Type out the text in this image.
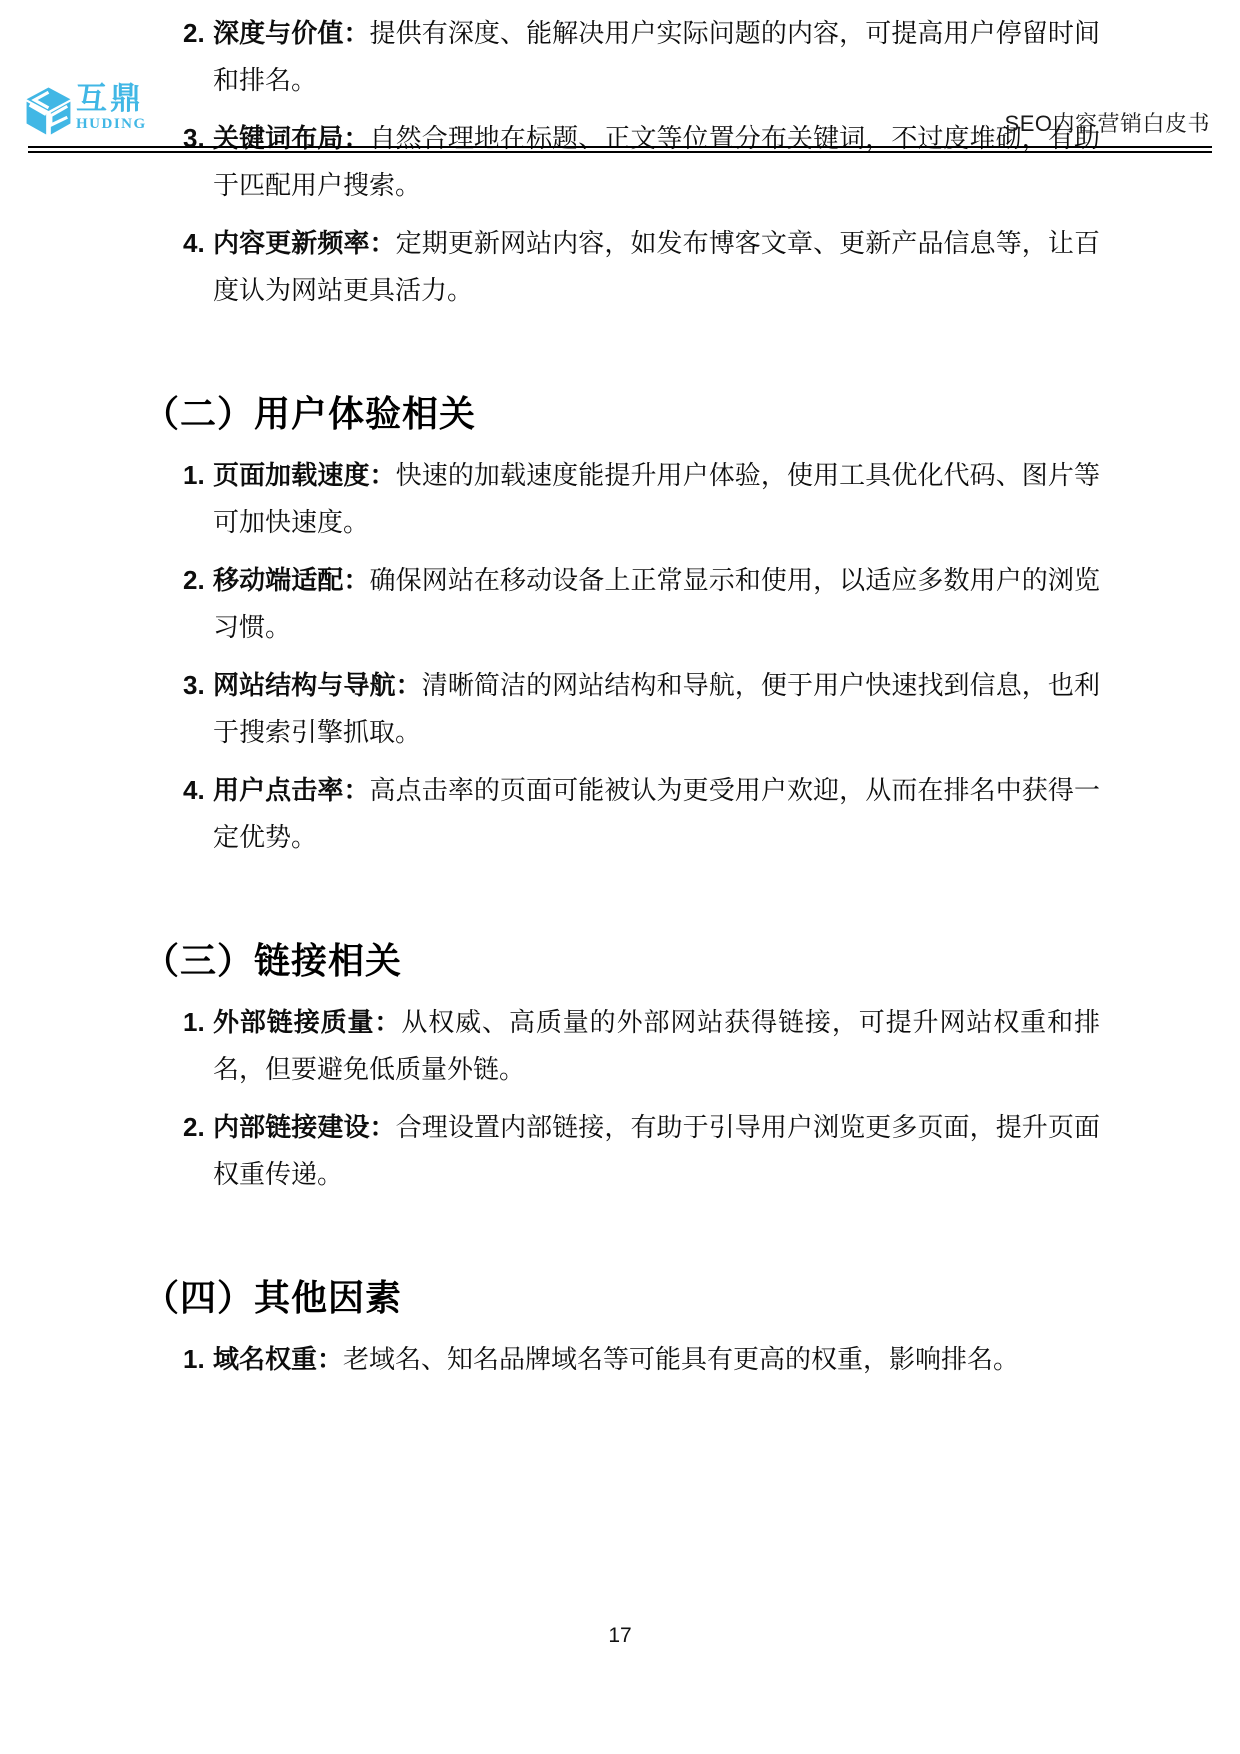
互鼎
HUDING	SEO内容营销白皮书
2. 深度与价值：提供有深度、能解决用户实际问题的内容，可提高用户停留时间和排名。
3. 关键词布局：自然合理地在标题、正文等位置分布关键词，不过度堆砌，有助于匹配用户搜索。
4. 内容更新频率：定期更新网站内容，如发布博客文章、更新产品信息等，让百度认为网站更具活力。
（二）用户体验相关
1. 页面加载速度：快速的加载速度能提升用户体验，使用工具优化代码、图片等可加快速度。
2. 移动端适配：确保网站在移动设备上正常显示和使用，以适应多数用户的浏览习惯。
3. 网站结构与导航：清晰简洁的网站结构和导航，便于用户快速找到信息，也利于搜索引擎抓取。
4. 用户点击率：高点击率的页面可能被认为更受用户欢迎，从而在排名中获得一定优势。
（三）链接相关
1. 外部链接质量：从权威、高质量的外部网站获得链接，可提升网站权重和排名，但要避免低质量外链。
2. 内部链接建设：合理设置内部链接，有助于引导用户浏览更多页面，提升页面权重传递。
（四）其他因素
1. 域名权重：老域名、知名品牌域名等可能具有更高的权重，影响排名。
17
